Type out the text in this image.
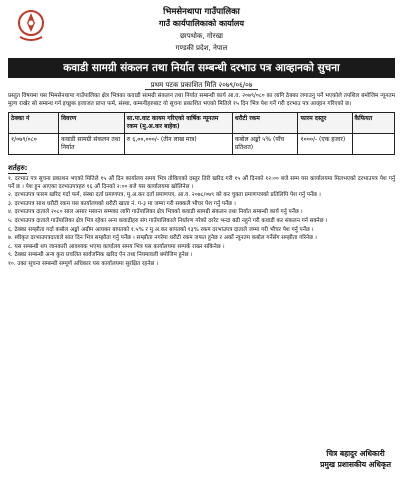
भिमसेनथापा गाउँपालिका
गाउँ कार्यपालिकाको कार्यालय
छापथोक, गोरखा
गण्डकी प्रदेश, नेपाल
कवाडी सामग्री संकलन तथा निर्यात सम्बन्धी दरभाउ पत्र आव्हानको सुचना
प्रथम पटक प्रकाशित मिति २०७९/०६/०७
प्रस्तुत विषयमा यस भिमसेनथापा गाउँपालिका क्षेत्र भित्रका कवाडी सामग्री संकलन तथा निर्यात सम्बन्धी कार्य आ.व. २०७९/०८० का लागि ठेक्का लगाउनु पर्ने भएकोले तपशिल बमोजिम न्यूनतम मूल्य राखेर सो सम्बन्ध गर्न इच्छुक इजाजत प्राप्त फर्म, संस्था, कम्पनीहरुबाट यो सूचना प्रकाशित भएको मितिले १५ दिन भित्र पेश गर्ने गरी दरभाउ पत्र आव्हान गरिएको छ।
ठेक्का नं	विवरण	सा.पा.वाट कायम गरिएको वार्षिक न्यूनतम रकम (मु.अ.कर बाहेक)	धरौटी रकम	फारम दस्तुर	कैफियत
१/०७९/०८०	कवाडी सामग्री संकलन तथा निर्यात	रु ६,००,०००/- (तीन लाख मात्र)	कबोल अङ्को ५% (पाँच प्रतिशत)	१०००/- (एक हजार)	
शर्तहरु:
१. दरभाउ पत्र सुचना प्रकाशन भएको मितिले १५ औं दिन कार्यालय समय भित्र तोकिएको दस्तुर तिरी खरिद गरी १५ औं दिनको १२:०० बजे सम्म यस कार्यालयमा मिलभएको दरभाउपत्र पेश गर्नु पर्ने छ । पेश हुन आएका दरभाउपत्रहरु १६ औं दिनको २:०० बजे यस कार्यालयमा खोलिनेछ ।
२. दरभाउपत्र फारम खरिद गर्दा फर्म, संस्था दर्ता प्रमाणपत्र, मु.अ.कर दर्ता प्रमाणपत्र, आ.व. २०७८/०७९ को कर चुक्ता प्रमाणपत्रको प्रतिलिपि पेश गर्नु पर्नेछ ।
३. दरभाउपत्र साथ धरौटी रकम यस कार्यालयको धरौटी खाता नं. ग-३ मा जम्मा गरी सक्कलै भौचर पेश गर्नु पर्नेछ ।
४. दरभाउपत्र दाताले २०८० साल असार मसान्त सम्मका लागि गाउँपालिका क्षेत्र भित्रको कवाडी सामग्री संकलन तथा निर्यात सम्बन्धी कार्य गर्नु पर्नेछ ।
५. दरभाउपत्र दाताले गाउँपालिका क्षेत्र भित्र रहेका अन्य कवाडीहरु संग गाउँपालिकाले निर्धारण गरेको दररेट भन्दा बढी नहुने गरी कवाडी कर संकलन गर्न सक्नेछ ।
६. ठेक्का सम्झौता गर्दा कबोल अङ्को अग्रीम आयकर बापतको १.५% र मु.अ.कर बापतको १३% रकम दरभाउपत्र दाताले जम्मा गरी भौचर पेश गर्नु पर्नेछ ।
७. स्वीकृत दरभाउपत्रदाताले सात दिन भित्र सम्झौता गर्नु पर्नेछ । सम्झौता नगरेमा धरौटी रकम जफत हुनेछ र अर्को न्यूनतम कबोल गर्नेसँग सम्झौता गरिनेछ ।
८. यस सम्बन्धी थप जानकारी आवश्यक भएमा कार्यालय समय भित्र यस कार्यालयमा सम्पर्क राख्न सकिनेछ ।
९. ठेक्का सम्बन्धी अन्य कुरा प्रचलित सार्वजनिक खरिद ऐन तथा नियमावली बमोजिम हुनेछ ।
१०. उक्त सूचना सम्बन्धी सम्पूर्ण अधिकार यस कार्यालयमा सुरक्षित रहनेछ ।
चित्र बहादुर अधिकारी
प्रमुख प्रशासकीय अधिकृत
